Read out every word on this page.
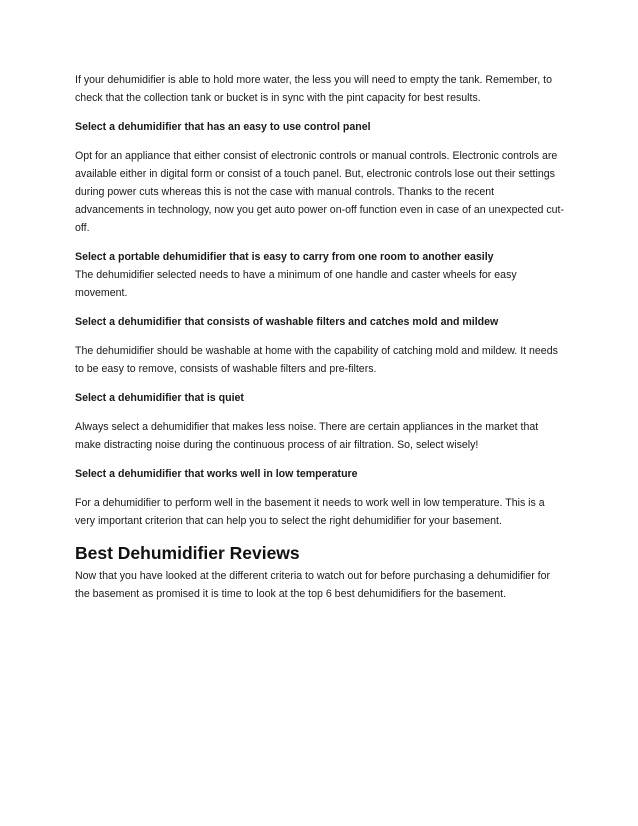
If your dehumidifier is able to hold more water, the less you will need to empty the tank. Remember, to check that the collection tank or bucket is in sync with the pint capacity for best results.

Select a dehumidifier that has an easy to use control panel

Opt for an appliance that either consist of electronic controls or manual controls. Electronic controls are available either in digital form or consist of a touch panel. But, electronic controls lose out their settings during power cuts whereas this is not the case with manual controls. Thanks to the recent advancements in technology, now you get auto power on-off function even in case of an unexpected cut-off.

Select a portable dehumidifier that is easy to carry from one room to another easily

The dehumidifier selected needs to have a minimum of one handle and caster wheels for easy movement.

Select a dehumidifier that consists of washable filters and catches mold and mildew

The dehumidifier should be washable at home with the capability of catching mold and mildew. It needs to be easy to remove, consists of washable filters and pre-filters.

Select a dehumidifier that is quiet

Always select a dehumidifier that makes less noise. There are certain appliances in the market that make distracting noise during the continuous process of air filtration. So, select wisely!

Select a dehumidifier that works well in low temperature

For a dehumidifier to perform well in the basement it needs to work well in low temperature. This is a very important criterion that can help you to select the right dehumidifier for your basement.

Best Dehumidifier Reviews

Now that you have looked at the different criteria to watch out for before purchasing a dehumidifier for the basement as promised it is time to look at the top 6 best dehumidifiers for the basement.
